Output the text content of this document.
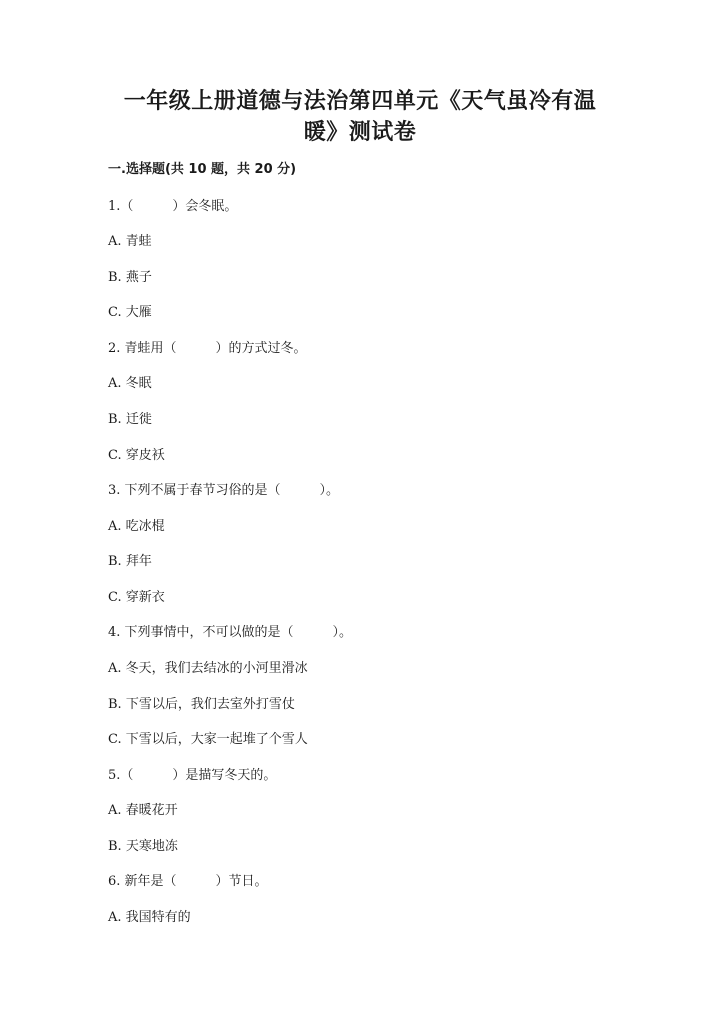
一年级上册道德与法治第四单元《天气虽冷有温
暖》测试卷
一.选择题(共 10 题，共 20 分)
1.（　　　）会冬眠。
A. 青蛙
B. 燕子
C. 大雁
2. 青蛙用（　　　）的方式过冬。
A. 冬眠
B. 迁徙
C. 穿皮袄
3. 下列不属于春节习俗的是（　　　）。
A. 吃冰棍
B. 拜年
C. 穿新衣
4. 下列事情中，不可以做的是（　　　）。
A. 冬天，我们去结冰的小河里滑冰
B. 下雪以后，我们去室外打雪仗
C. 下雪以后，大家一起堆了个雪人
5.（　　　）是描写冬天的。
A. 春暖花开
B. 天寒地冻
6. 新年是（　　　）节日。
A. 我国特有的
